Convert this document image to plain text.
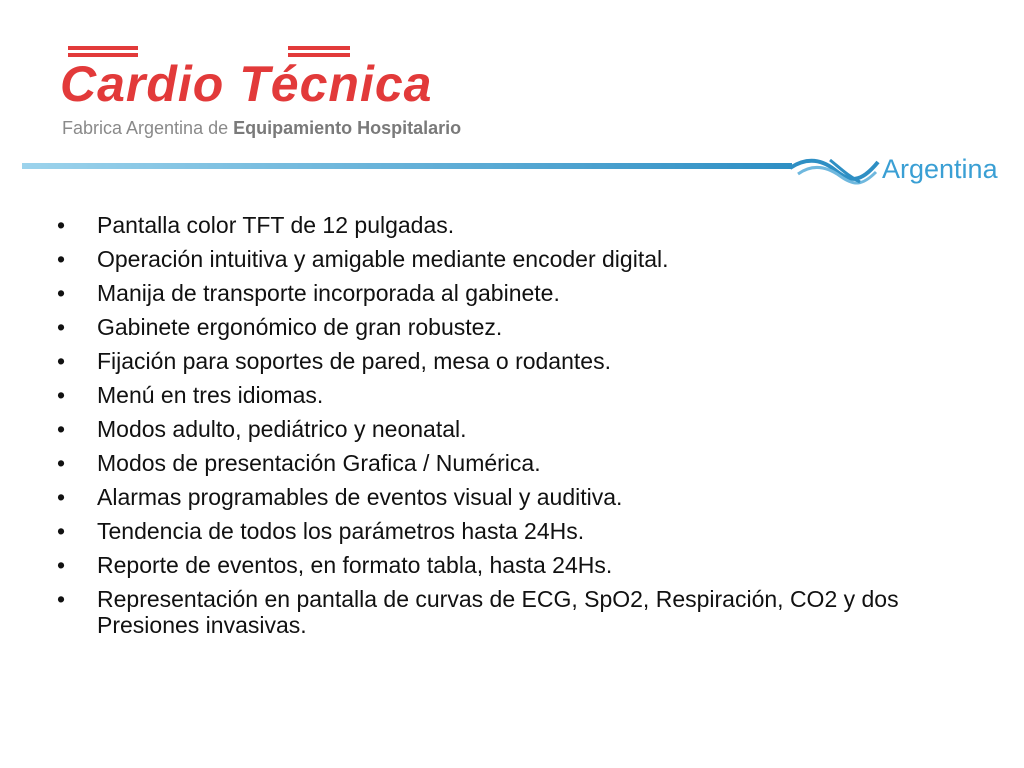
Cardio Técnica
Fabrica Argentina de Equipamiento Hospitalario
Argentina
• Pantalla color TFT de 12 pulgadas.
• Operación intuitiva y amigable mediante encoder digital.
• Manija de transporte incorporada al gabinete.
• Gabinete ergonómico de gran robustez.
• Fijación para soportes de pared, mesa o rodantes.
• Menú en tres idiomas.
• Modos adulto, pediátrico y neonatal.
• Modos de presentación Grafica / Numérica.
• Alarmas programables de eventos visual y auditiva.
• Tendencia de todos los parámetros hasta 24Hs.
• Reporte de eventos, en formato tabla, hasta 24Hs.
• Representación en pantalla de curvas de ECG, SpO2, Respiración, CO2 y dos Presiones invasivas.
